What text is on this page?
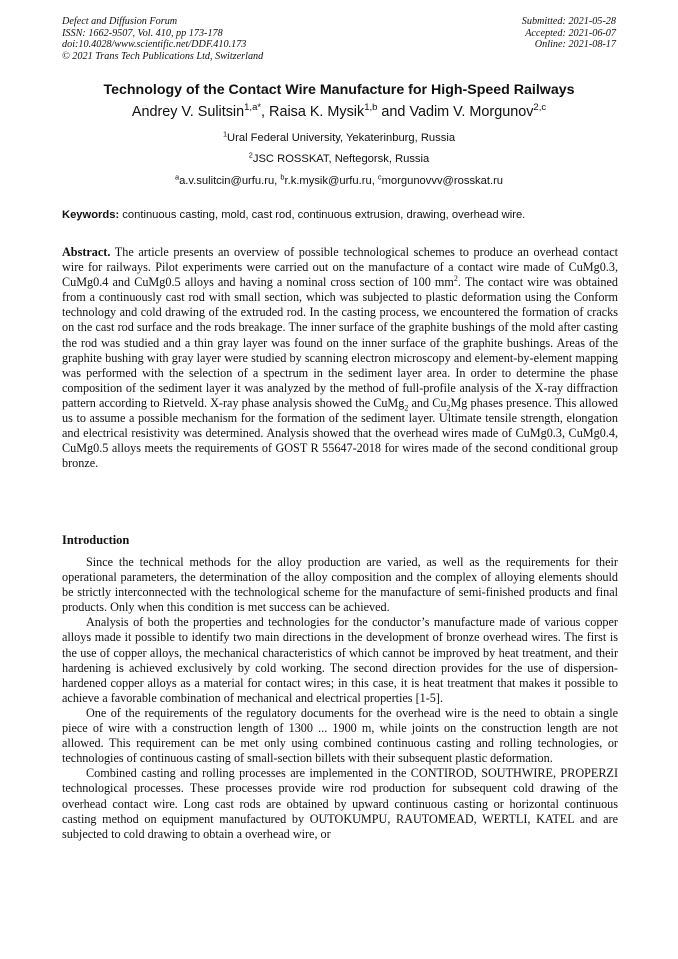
Defect and Diffusion Forum
ISSN: 1662-9507, Vol. 410, pp 173-178
doi:10.4028/www.scientific.net/DDF.410.173
© 2021 Trans Tech Publications Ltd, Switzerland
Submitted: 2021-05-28
Accepted: 2021-06-07
Online: 2021-08-17
Technology of the Contact Wire Manufacture for High-Speed Railways
Andrey V. Sulitsin$^{1,a*}$, Raisa K. Mysik$^{1,b}$ and Vadim V. Morgunov$^{2,c}$
$^1$Ural Federal University, Yekaterinburg, Russia
$^2$JSC ROSSKAT, Neftegorsk, Russia
$^a$a.v.sulitcin@urfu.ru, $^b$r.k.mysik@urfu.ru, $^c$morgunovvv@rosskat.ru
Keywords: continuous casting, mold, cast rod, continuous extrusion, drawing, overhead wire.

Abstract. The article presents an overview of possible technological schemes to produce an overhead contact wire for railways. Pilot experiments were carried out on the manufacture of a contact wire made of CuMg0.3, CuMg0.4 and CuMg0.5 alloys and having a nominal cross section of 100 $mm^2$. The contact wire was obtained from a continuously cast rod with small section, which was subjected to plastic deformation using the Conform technology and cold drawing of the extruded rod. In the casting process, we encountered the formation of cracks on the cast rod surface and the rods breakage. The inner surface of the graphite bushings of the mold after casting the rod was studied and a thin gray layer was found on the inner surface of the graphite bushings. Areas of the graphite bushing with gray layer were studied by scanning electron microscopy and element-by-element mapping was performed with the selection of a spectrum in the sediment layer area. In order to determine the phase composition of the sediment layer it was analyzed by the method of full-profile analysis of the X-ray diffraction pattern according to Rietveld. X-ray phase analysis showed the CuMg$_2$ and $Cu_2Mg$ phases presence. This allowed us to assume a possible mechanism for the formation of the sediment layer. Ultimate tensile strength, elongation and electrical resistivity was determined. Analysis showed that the overhead wires made of CuMg0.3, CuMg0.4, CuMg0.5 alloys meets the requirements of GOST R 55647-2018 for wires made of the second conditional group bronze.

Introduction

Since the technical methods for the alloy production are varied, as well as the requirements for their operational parameters, the determination of the alloy composition and the complex of alloying elements should be strictly interconnected with the technological scheme for the manufacture of semi-finished products and final products. Only when this condition is met success can be achieved.

Analysis of both the properties and technologies for the conductor’s manufacture made of various copper alloys made it possible to identify two main directions in the development of bronze overhead wires. The first is the use of copper alloys, the mechanical characteristics of which cannot be improved by heat treatment, and their hardening is achieved exclusively by cold working. The second direction provides for the use of dispersion-hardened copper alloys as a material for contact wires; in this case, it is heat treatment that makes it possible to achieve a favorable combination of mechanical and electrical properties [1-5].

One of the requirements of the regulatory documents for the overhead wire is the need to obtain a single piece of wire with a construction length of 1300 ... 1900 m, while joints on the construction length are not allowed. This requirement can be met only using combined continuous casting and rolling technologies, or technologies of continuous casting of small-section billets with their subsequent plastic deformation.

Combined casting and rolling processes are implemented in the CONTIROD, SOUTHWIRE, PROPERZI technological processes. These processes provide wire rod production for subsequent cold drawing of the overhead contact wire. Long cast rods are obtained by upward continuous casting or horizontal continuous casting method on equipment manufactured by OUTOKUMPU, RAUTOMEAD, WERTLI, KATEL and are subjected to cold drawing to obtain a overhead wire, or
